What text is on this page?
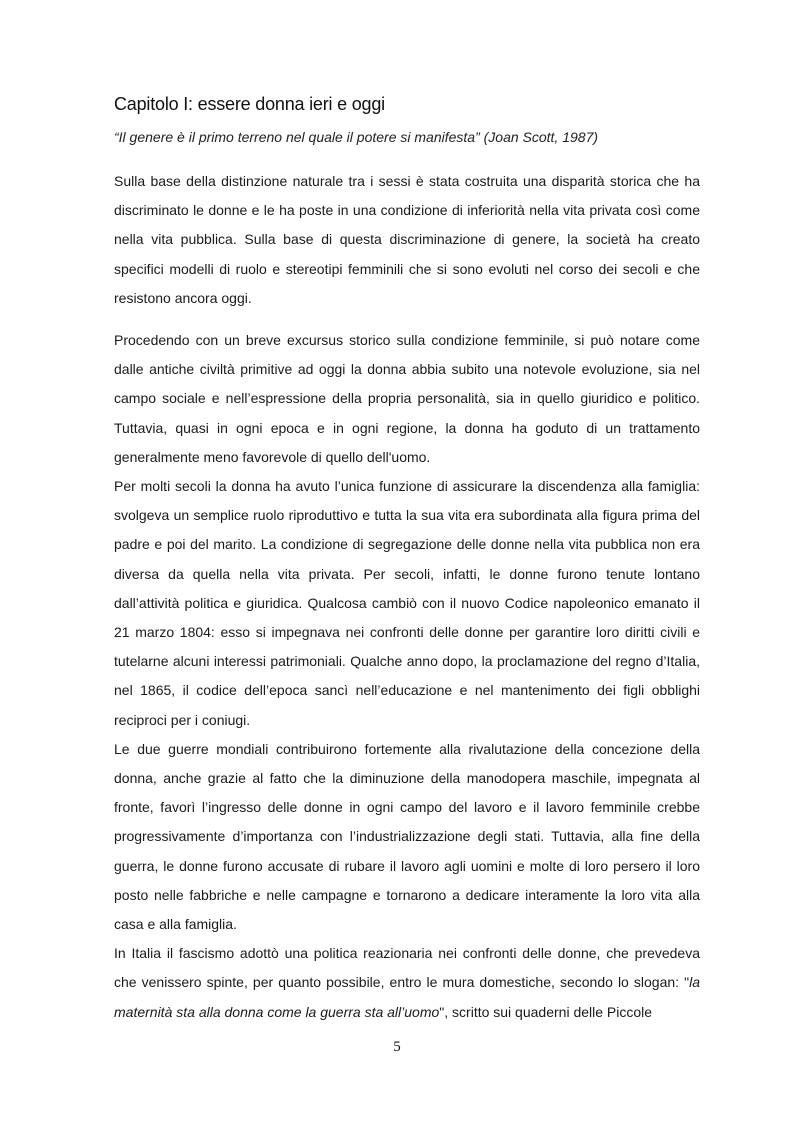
Capitolo I: essere donna ieri e oggi

“Il genere è il primo terreno nel quale il potere si manifesta” (Joan Scott, 1987)

Sulla base della distinzione naturale tra i sessi è stata costruita una disparità storica che ha discriminato le donne e le ha poste in una condizione di inferiorità nella vita privata così come nella vita pubblica. Sulla base di questa discriminazione di genere, la società ha creato specifici modelli di ruolo e stereotipi femminili che si sono evoluti nel corso dei secoli e che resistono ancora oggi.

Procedendo con un breve excursus storico sulla condizione femminile, si può notare come dalle antiche civiltà primitive ad oggi la donna abbia subito una notevole evoluzione, sia nel campo sociale e nell’espressione della propria personalità, sia in quello giuridico e politico. Tuttavia, quasi in ogni epoca e in ogni regione, la donna ha goduto di un trattamento generalmente meno favorevole di quello dell'uomo.

Per molti secoli la donna ha avuto l’unica funzione di assicurare la discendenza alla famiglia: svolgeva un semplice ruolo riproduttivo e tutta la sua vita era subordinata alla figura prima del padre e poi del marito. La condizione di segregazione delle donne nella vita pubblica non era diversa da quella nella vita privata. Per secoli, infatti, le donne furono tenute lontano dall’attività politica e giuridica. Qualcosa cambiò con il nuovo Codice napoleonico emanato il 21 marzo 1804: esso si impegnava nei confronti delle donne per garantire loro diritti civili e tutelarne alcuni interessi patrimoniali. Qualche anno dopo, la proclamazione del regno d’Italia, nel 1865, il codice dell’epoca sancì nell’educazione e nel mantenimento dei figli obblighi reciproci per i coniugi.

Le due guerre mondiali contribuirono fortemente alla rivalutazione della concezione della donna, anche grazie al fatto che la diminuzione della manodopera maschile, impegnata al fronte, favorì l’ingresso delle donne in ogni campo del lavoro e il lavoro femminile crebbe progressivamente d’importanza con l’industrializzazione degli stati. Tuttavia, alla fine della guerra, le donne furono accusate di rubare il lavoro agli uomini e molte di loro persero il loro posto nelle fabbriche e nelle campagne e tornarono a dedicare interamente la loro vita alla casa e alla famiglia.

In Italia il fascismo adottò una politica reazionaria nei confronti delle donne, che prevedeva che venissero spinte, per quanto possibile, entro le mura domestiche, secondo lo slogan: "la maternità sta alla donna come la guerra sta all’uomo", scritto sui quaderni delle Piccole

5
